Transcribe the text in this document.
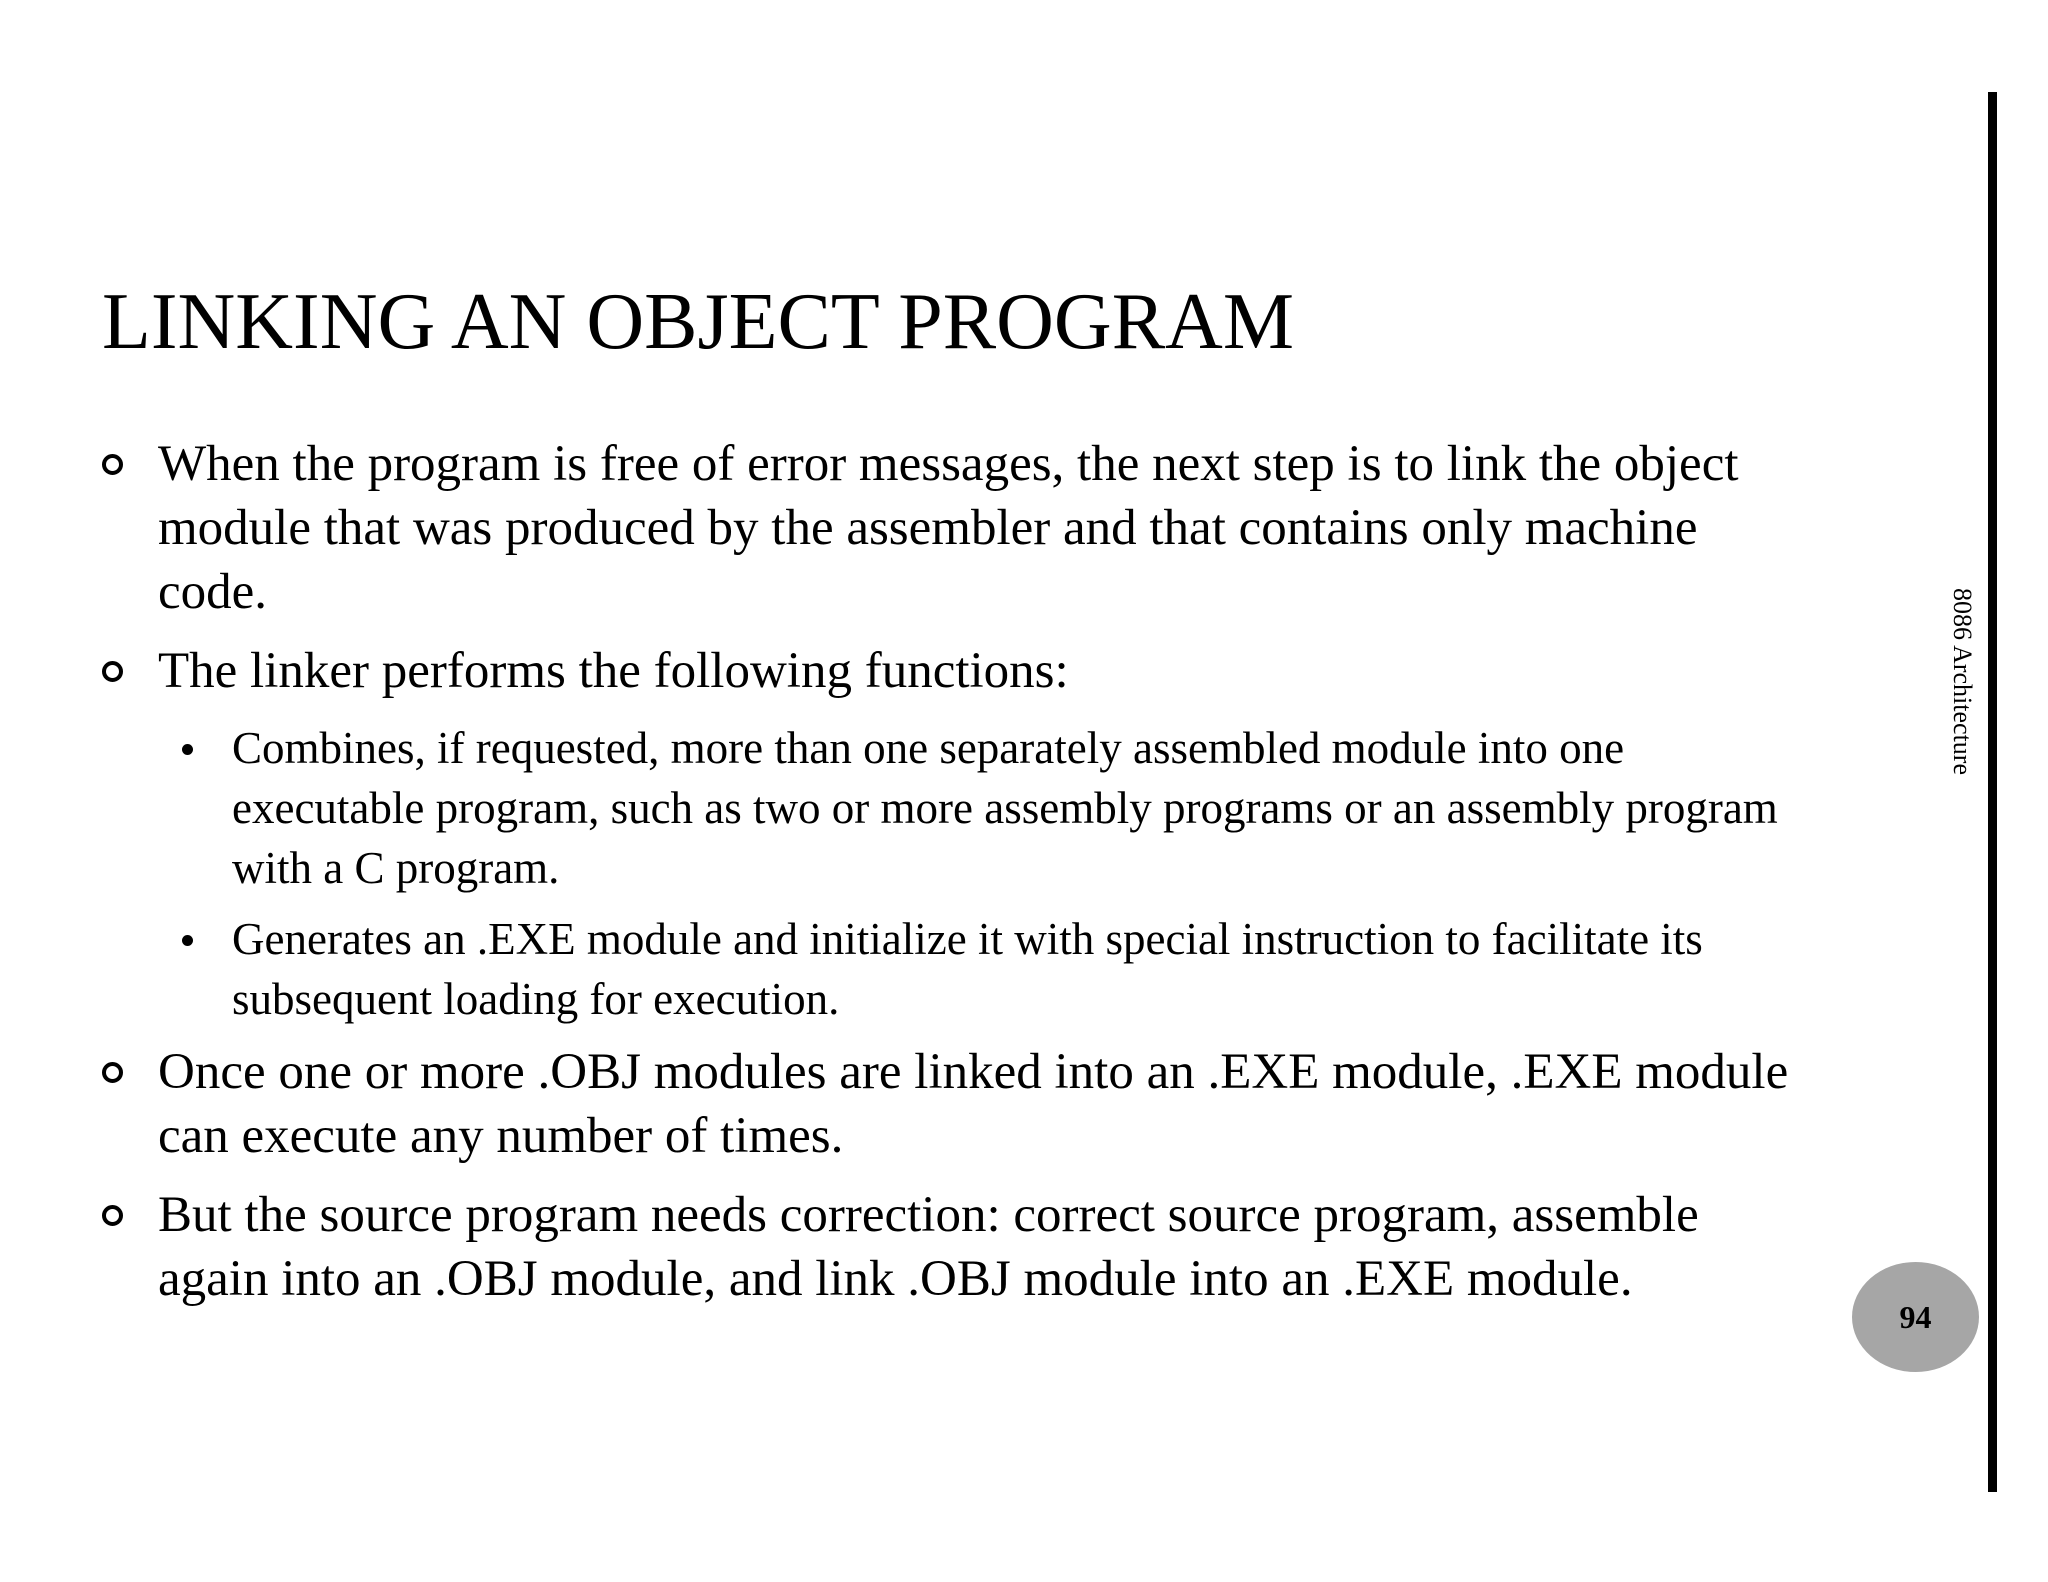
LINKING AN OBJECT PROGRAM
When the program is free of error messages, the next step is to link the object module that was produced by the assembler and that contains only machine code.
The linker performs the following functions:
Combines, if requested, more than one separately assembled module into one executable program, such as two or more assembly programs or an assembly program with a C program.
Generates an .EXE module and initialize it with special instruction to facilitate its subsequent loading for execution.
Once one or more .OBJ modules are linked into an .EXE module, .EXE module can execute any number of times.
But the source program needs correction: correct source program, assemble again into an .OBJ module, and link .OBJ module into an .EXE module.
8086 Architecture
94
